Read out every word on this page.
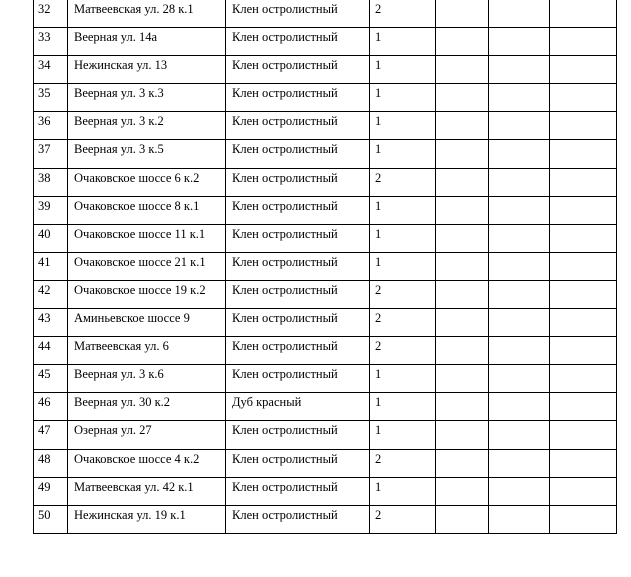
32	Матвеевская ул. 28 к.1	Клен остролистный	2			

33	Веерная ул. 14а	Клен остролистный	1			

34	Нежинская ул. 13	Клен остролистный	1			

35	Веерная ул. 3 к.3	Клен остролистный	1			

36	Веерная ул. 3 к.2	Клен остролистный	1			

37	Веерная ул. 3 к.5	Клен остролистный	1			

38	Очаковское шоссе 6 к.2	Клен остролистный	2			

39	Очаковское шоссе 8 к.1	Клен остролистный	1			

40	Очаковское шоссе 11 к.1	Клен остролистный	1			

41	Очаковское шоссе 21 к.1	Клен остролистный	1			

42	Очаковское шоссе 19 к.2	Клен остролистный	2			

43	Аминьевское шоссе 9	Клен остролистный	2			

44	Матвеевская ул. 6	Клен остролистный	2			

45	Веерная ул. 3 к.6	Клен остролистный	1			

46	Веерная ул. 30 к.2	Дуб красный	1			

47	Озерная ул. 27	Клен остролистный	1			

48	Очаковское шоссе 4 к.2	Клен остролистный	2			

49	Матвеевская ул. 42 к.1	Клен остролистный	1			

50	Нежинская ул. 19 к.1	Клен остролистный	2			
